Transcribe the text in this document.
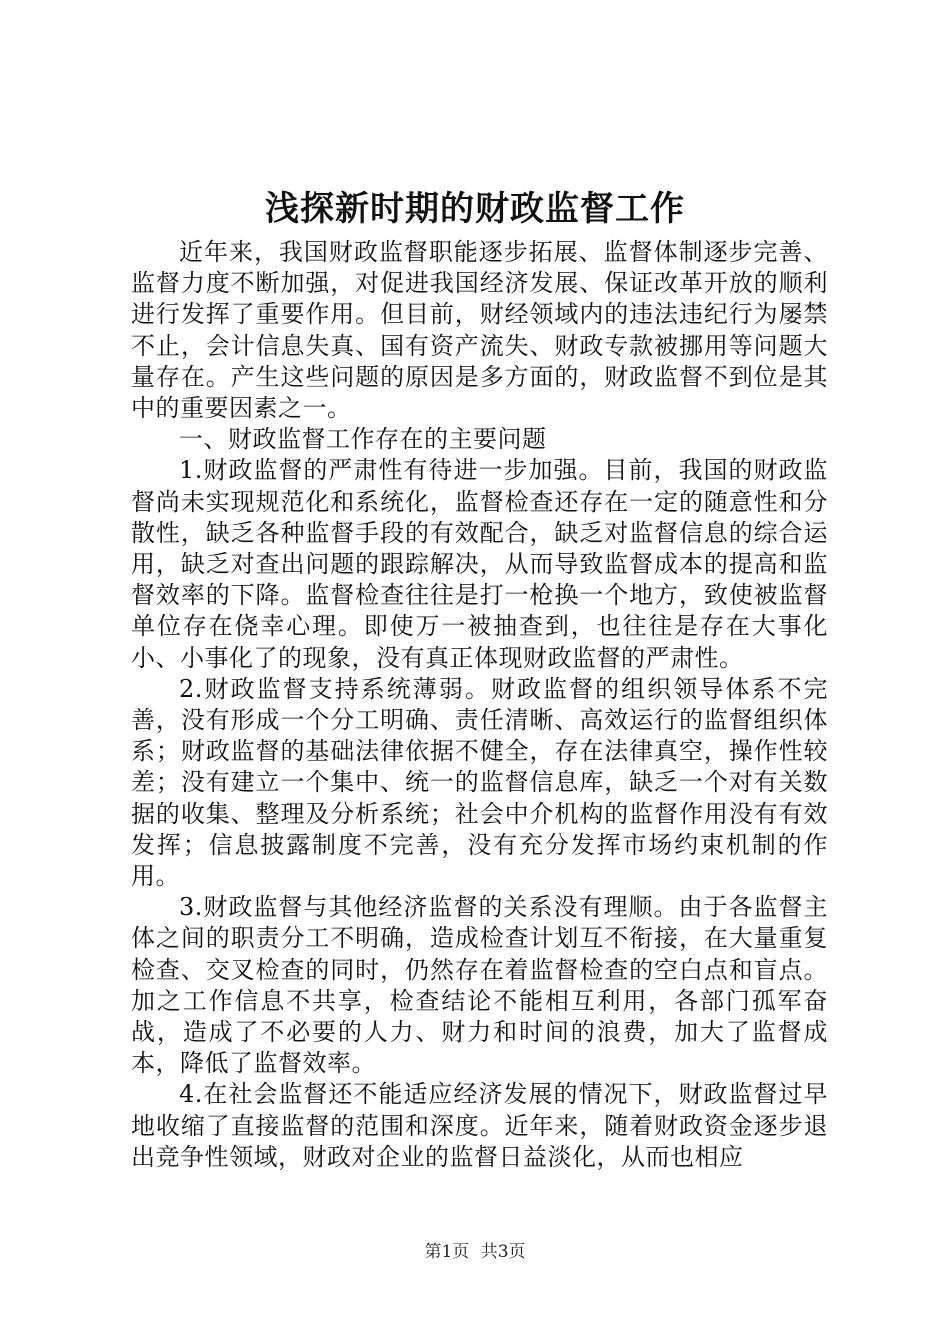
浅探新时期的财政监督工作

近年来，我国财政监督职能逐步拓展、监督体制逐步完善、监督力度不断加强，对促进我国经济发展、保证改革开放的顺利进行发挥了重要作用。但目前，财经领域内的违法违纪行为屡禁不止，会计信息失真、国有资产流失、财政专款被挪用等问题大量存在。产生这些问题的原因是多方面的，财政监督不到位是其中的重要因素之一。

一、财政监督工作存在的主要问题

1.财政监督的严肃性有待进一步加强。目前，我国的财政监督尚未实现规范化和系统化，监督检查还存在一定的随意性和分散性，缺乏各种监督手段的有效配合，缺乏对监督信息的综合运用，缺乏对查出问题的跟踪解决，从而导致监督成本的提高和监督效率的下降。监督检查往往是打一枪换一个地方，致使被监督单位存在侥幸心理。即使万一被抽查到，也往往是存在大事化小、小事化了的现象，没有真正体现财政监督的严肃性。

2.财政监督支持系统薄弱。财政监督的组织领导体系不完善，没有形成一个分工明确、责任清晰、高效运行的监督组织体系；财政监督的基础法律依据不健全，存在法律真空，操作性较差；没有建立一个集中、统一的监督信息库，缺乏一个对有关数据的收集、整理及分析系统；社会中介机构的监督作用没有有效发挥；信息披露制度不完善，没有充分发挥市场约束机制的作用。

3.财政监督与其他经济监督的关系没有理顺。由于各监督主体之间的职责分工不明确，造成检查计划互不衔接，在大量重复检查、交叉检查的同时，仍然存在着监督检查的空白点和盲点。加之工作信息不共享，检查结论不能相互利用，各部门孤军奋战，造成了不必要的人力、财力和时间的浪费，加大了监督成本，降低了监督效率。

4.在社会监督还不能适应经济发展的情况下，财政监督过早地收缩了直接监督的范围和深度。近年来，随着财政资金逐步退出竞争性领域，财政对企业的监督日益淡化，从而也相应

第1页 共3页
